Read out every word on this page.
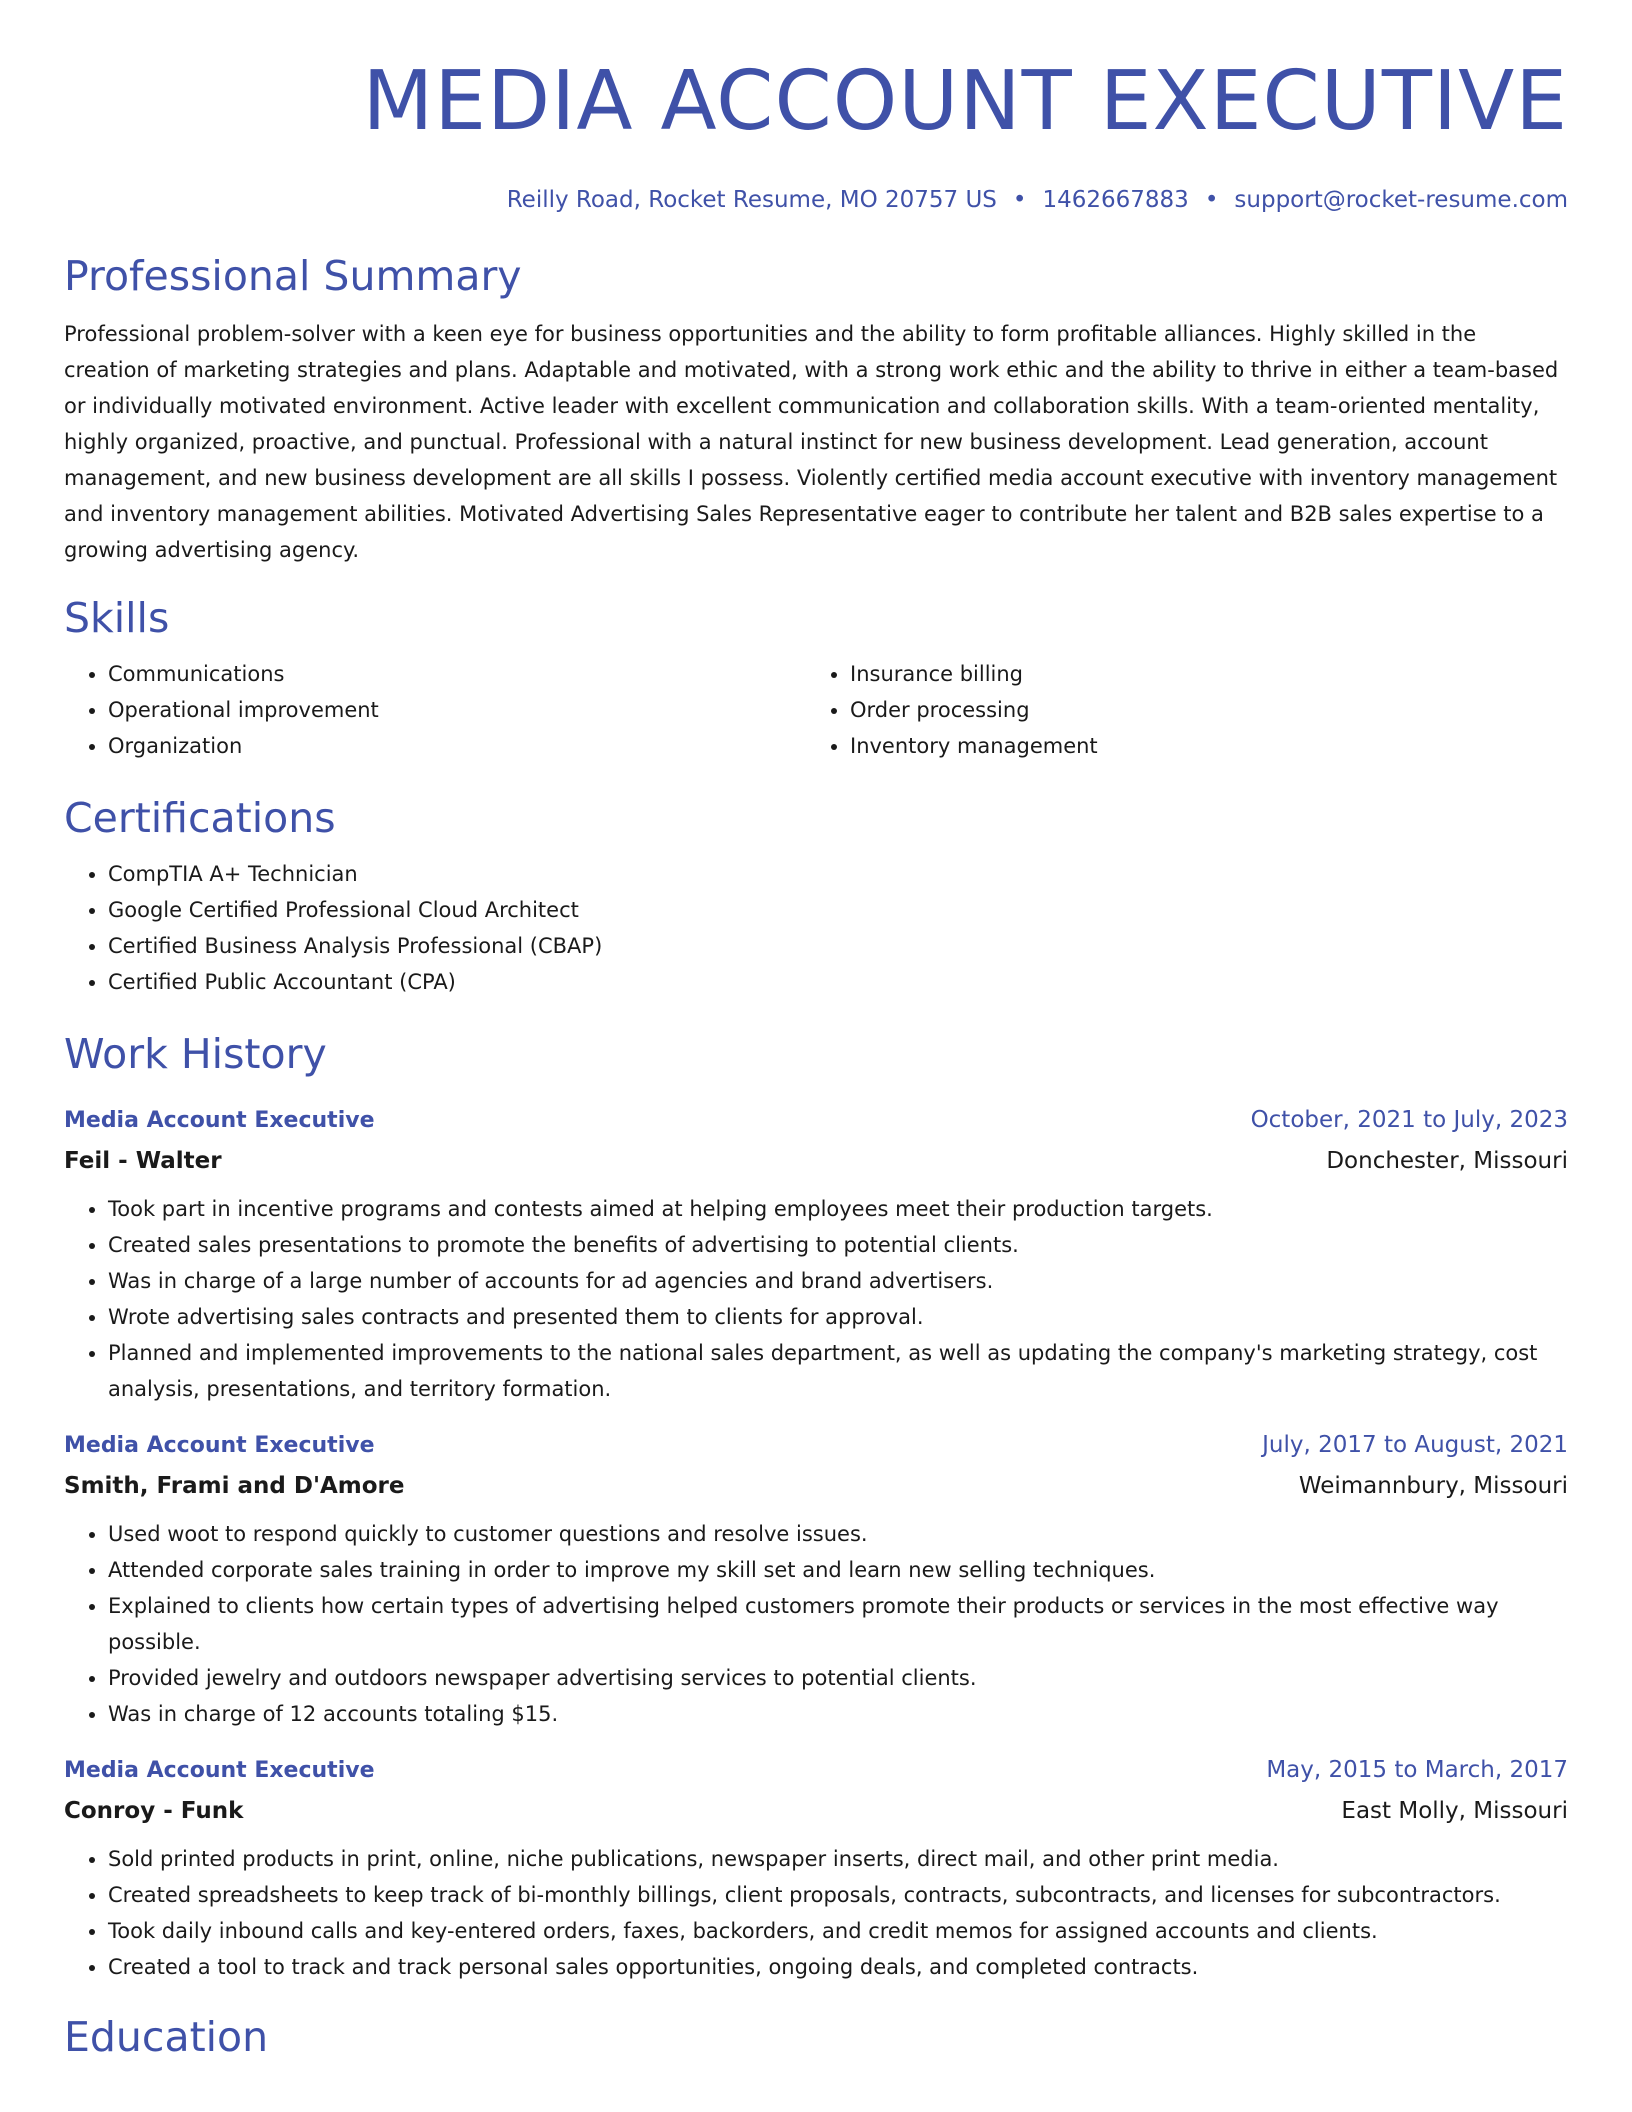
MEDIA ACCOUNT EXECUTIVE
Reilly Road, Rocket Resume, MO 20757 US • 1462667883 • support@rocket-resume.com
Professional Summary

Professional problem-solver with a keen eye for business opportunities and the ability to form profitable alliances. Highly skilled in the creation of marketing strategies and plans. Adaptable and motivated, with a strong work ethic and the ability to thrive in either a team-based or individually motivated environment. Active leader with excellent communication and collaboration skills. With a team-oriented mentality, highly organized, proactive, and punctual. Professional with a natural instinct for new business development. Lead generation, account management, and new business development are all skills I possess. Violently certified media account executive with inventory management and inventory management abilities. Motivated Advertising Sales Representative eager to contribute her talent and B2B sales expertise to a growing advertising agency.

Skills
• Communications
• Operational improvement
• Organization
• Insurance billing
• Order processing
• Inventory management
Certifications
• CompTIA A+ Technician
• Google Certified Professional Cloud Architect
• Certified Business Analysis Professional (CBAP)
• Certified Public Accountant (CPA)
Work History
Media Account Executive	October, 2021 to July, 2023
Feil - Walter	Donchester, Missouri
• Took part in incentive programs and contests aimed at helping employees meet their production targets.
• Created sales presentations to promote the benefits of advertising to potential clients.
• Was in charge of a large number of accounts for ad agencies and brand advertisers.
• Wrote advertising sales contracts and presented them to clients for approval.
• Planned and implemented improvements to the national sales department, as well as updating the company's marketing strategy, cost analysis, presentations, and territory formation.
Media Account Executive	July, 2017 to August, 2021
Smith, Frami and D'Amore	Weimannbury, Missouri
• Used woot to respond quickly to customer questions and resolve issues.
• Attended corporate sales training in order to improve my skill set and learn new selling techniques.
• Explained to clients how certain types of advertising helped customers promote their products or services in the most effective way possible.
• Provided jewelry and outdoors newspaper advertising services to potential clients.
• Was in charge of 12 accounts totaling $15.
Media Account Executive	May, 2015 to March, 2017
Conroy - Funk	East Molly, Missouri
• Sold printed products in print, online, niche publications, newspaper inserts, direct mail, and other print media.
• Created spreadsheets to keep track of bi-monthly billings, client proposals, contracts, subcontracts, and licenses for subcontractors.
• Took daily inbound calls and key-entered orders, faxes, backorders, and credit memos for assigned accounts and clients.
• Created a tool to track and track personal sales opportunities, ongoing deals, and completed contracts.
Education
